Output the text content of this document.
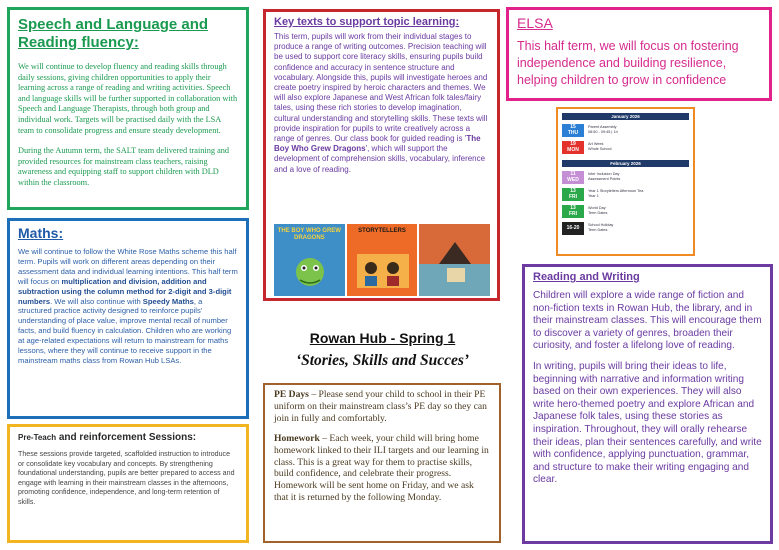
Speech and Language and Reading fluency:

We will continue to develop fluency and reading skills through daily sessions, giving children opportunities to apply their learning across a range of reading and writing activities. Speech and language skills will be further supported in collaboration with Speech and Language Therapists, through both group and individual work. Targets will be practised daily with the LSA team to consolidate progress and ensure steady development.

During the Autumn term, the SALT team delivered training and provided resources for mainstream class teachers, raising awareness and equipping staff to support children with DLD within the classroom.

Key texts to support topic learning:
This term, pupils will work from their individual stages to produce a range of writing outcomes. Precision teaching will be used to support core literacy skills, ensuring pupils build confidence and accuracy in sentence structure and vocabulary. Alongside this, pupils will investigate heroes and create poetry inspired by heroic characters and themes. We will also explore Japanese and West African folk tales/fairy tales, using these rich stories to develop imagination, cultural understanding and storytelling skills. These texts will provide inspiration for pupils to write creatively across a range of genres. Our class book for guided reading is 'The Boy Who Grew Dragons', which will support the development of comprehension skills, vocabulary, inference and a love of reading.
THE BOY WHO GREW DRAGONS
STORYTELLERS
ELSA
This half term, we will focus on fostering independence and building resilience, helping children to grow in confidence
January 2026
15
THU
Parent Assembly
08:50 - 09:45 | 1h
19
MON
Art Week
Whole School
February 2026
11
WED
Inter Inclusion Day
Assessment Points
13
FRI
Year 1 Storytellers Afternoon Tea
Year 1
13
FRI
World Day
Term Dates
16-20	School Holiday
Term Dates
Maths:
We will continue to follow the White Rose Maths scheme this half term. Pupils will work on different areas depending on their assessment data and individual learning intentions. This half term will focus on multiplication and division, addition and subtraction using the column method for 2-digit and 3-digit numbers. We will also continue with Speedy Maths, a structured practice activity designed to reinforce pupils' understanding of place value, improve mental recall of number facts, and build fluency in calculation. Children who are working at age-related expectations will return to mainstream for maths lessons, where they will continue to receive support in the mainstream maths class from Rowan Hub LSAs.
Pre-Teach and reinforcement Sessions:
These sessions provide targeted, scaffolded instruction to introduce or consolidate key vocabulary and concepts. By strengthening foundational understanding, pupils are better prepared to access and engage with learning in their mainstream classes in the afternoons, promoting confidence, independence, and long-term retention of skills.
Rowan Hub - Spring 1
‘Stories, Skills and Succes’

PE Days – Please send your child to school in their PE uniform on their mainstream class’s PE day so they can join in fully and comfortably.

Homework – Each week, your child will bring home homework linked to their ILI targets and our learning in class. This is a great way for them to practise skills, build confidence, and celebrate their progress. Homework will be sent home on Friday, and we ask that it is returned by the following Monday.

Reading and Writing

Children will explore a wide range of fiction and non-fiction texts in Rowan Hub, the library, and in their mainstream classes. This will encourage them to discover a variety of genres, broaden their curiosity, and foster a lifelong love of reading.

In writing, pupils will bring their ideas to life, beginning with narrative and information writing based on their own experiences. They will also write hero-themed poetry and explore African and Japanese folk tales, using these stories as inspiration. Throughout, they will orally rehearse their ideas, plan their sentences carefully, and write with confidence, applying punctuation, grammar, and structure to make their writing engaging and clear.
